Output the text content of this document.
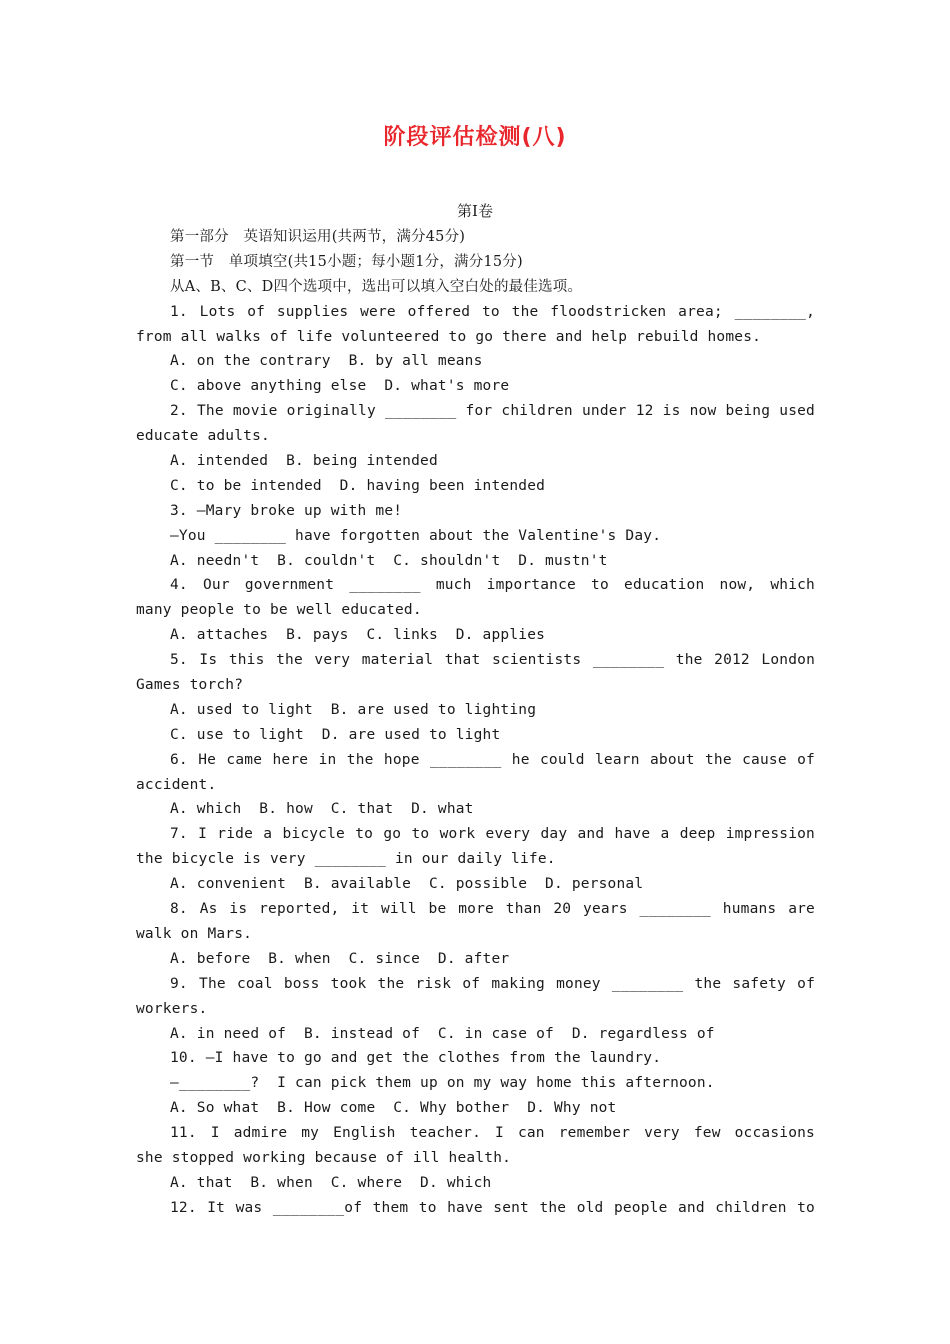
阶段评估检测(八)
第Ⅰ卷
第一部分　英语知识运用(共两节，满分45分)
第一节　单项填空(共15小题；每小题1分，满分15分)
从A、B、C、D四个选项中，选出可以填入空白处的最佳选项。
1. Lots of supplies were offered to the floodstricken area; ________,
from all walks of life volunteered to go there and help rebuild homes.
A. on the contrary  B. by all means
C. above anything else  D. what's more
2. The movie originally ________ for children under 12 is now being used
educate adults.
A. intended  B. being intended
C. to be intended  D. having been intended
3. —Mary broke up with me!
—You ________ have forgotten about the Valentine's Day.
A. needn't  B. couldn't  C. shouldn't  D. mustn't
4. Our government ________ much importance to education now, which
many people to be well educated.
A. attaches  B. pays  C. links  D. applies
5. Is this the very material that scientists ________ the 2012 London
Games torch?
A. used to light  B. are used to lighting
C. use to light  D. are used to light
6. He came here in the hope ________ he could learn about the cause of
accident.
A. which  B. how  C. that  D. what
7. I ride a bicycle to go to work every day and have a deep impression
the bicycle is very ________ in our daily life.
A. convenient  B. available  C. possible  D. personal
8. As is reported, it will be more than 20 years ________ humans are
walk on Mars.
A. before  B. when  C. since  D. after
9. The coal boss took the risk of making money ________ the safety of
workers.
A. in need of  B. instead of  C. in case of  D. regardless of
10. —I have to go and get the clothes from the laundry.
—________?  I can pick them up on my way home this afternoon.
A. So what  B. How come  C. Why bother  D. Why not
11. I admire my English teacher. I can remember very few occasions
she stopped working because of ill health.
A. that  B. when  C. where  D. which
12. It was ________of them to have sent the old people and children to
